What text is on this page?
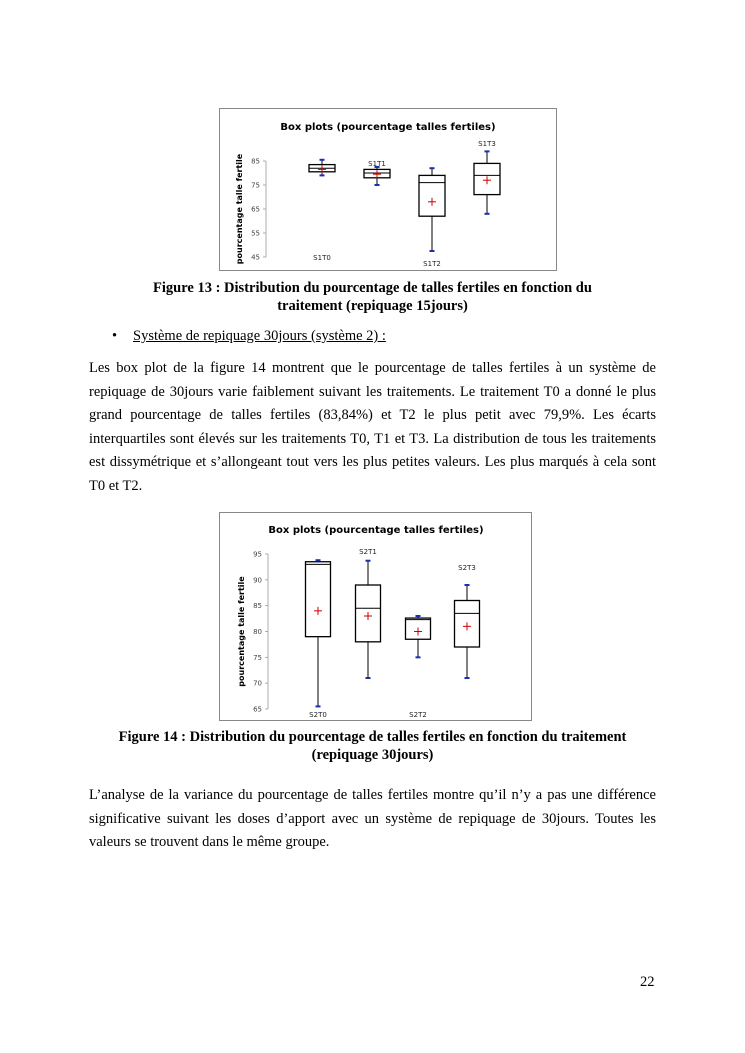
Box plots (pourcentage talles fertiles)
pourcentage talle fertile 45
55
65
75
85
S1T0
S1T1
S1T2
S1T3
Figure 13 : Distribution du pourcentage de talles fertiles en fonction du
traitement (repiquage 15jours)
• Système de repiquage 30jours (système 2) :
Les box plot de la figure 14 montrent que le pourcentage de talles fertiles à un système de
repiquage de 30jours varie faiblement suivant les traitements. Le traitement T0 a donné le plus
grand pourcentage de talles fertiles (83,84%) et T2 le plus petit avec 79,9%. Les écarts
interquartiles sont élevés sur les traitements T0, T1 et T3. La distribution de tous les traitements
est dissymétrique et s’allongeant tout vers les plus petites valeurs. Les plus marqués à cela sont
T0 et T2.
Box plots (pourcentage talles fertiles)
pourcentage talle fertile
65
70
75
80
85
90
95
S2T0
S2T1
S2T2
S2T3
Figure 14 : Distribution du pourcentage de talles fertiles en fonction du traitement
(repiquage 30jours)
L’analyse de la variance du pourcentage de talles fertiles montre qu’il n’y a pas une différence
significative suivant les doses d’apport avec un système de repiquage de 30jours. Toutes les
valeurs se trouvent dans le même groupe.
22
